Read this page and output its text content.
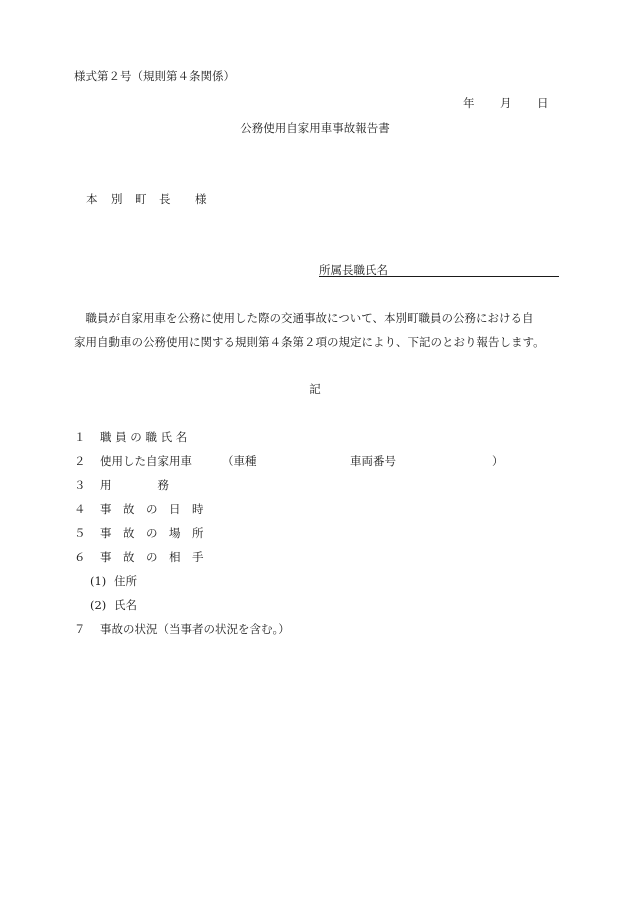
様式第２号（規則第４条関係）
年 月 日
公務使用自家用車事故報告書
本 別 町 長 様
所属長職氏名
　職員が自家用車を公務に使用した際の交通事故について、本別町職員の公務における自
家用自動車の公務使用に関する規則第４条第２項の規定により、下記のとおり報告します。
記
１ 職 員 の 職 氏 名
２ 使用した自家用車	（車種	車両番号	）
３ 用　　　　務
４ 事　故　の　日　時
５ 事　故　の　場　所
６ 事　故　の　相　手
(1) 住所
(2) 氏名
７ 事故の状況（当事者の状況を含む。）
